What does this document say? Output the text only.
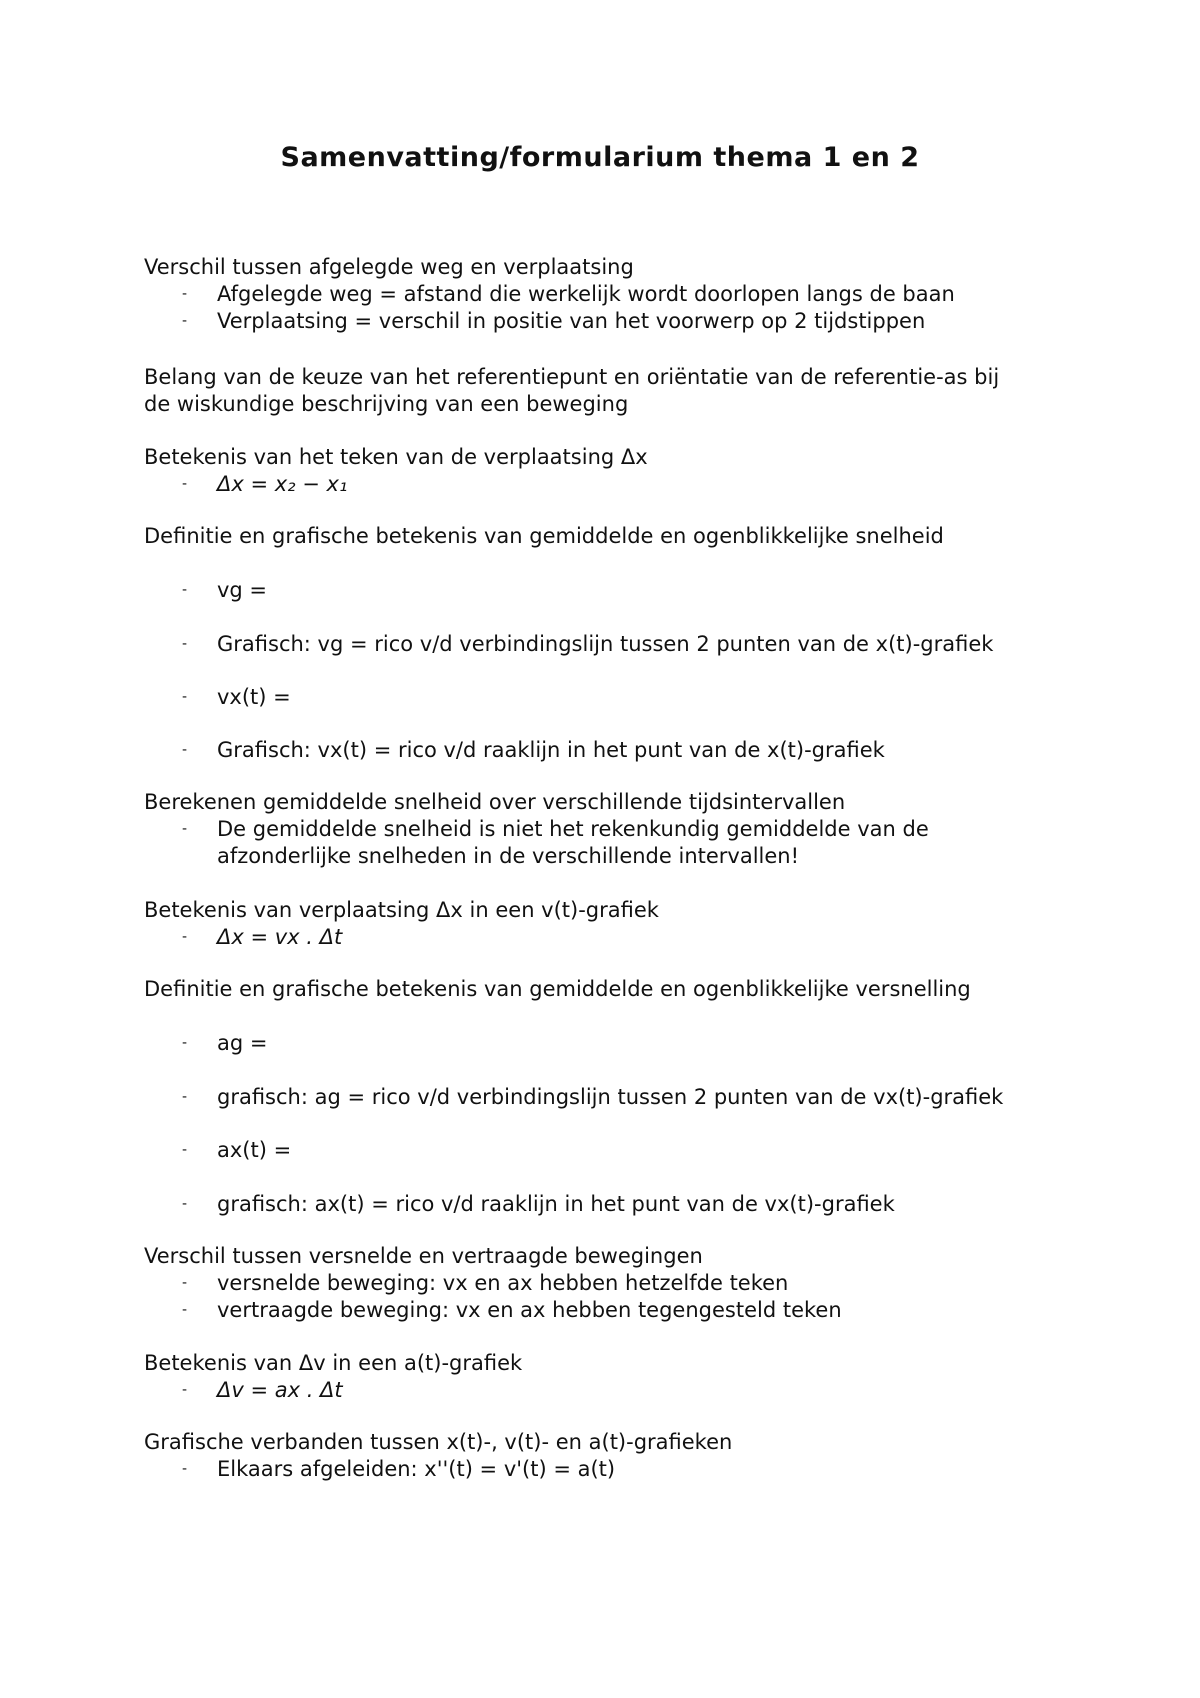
Samenvatting/formularium thema 1 en 2
Verschil tussen afgelegde weg en verplaatsing
- Afgelegde weg = afstand die werkelijk wordt doorlopen langs de baan
- Verplaatsing = verschil in positie van het voorwerp op 2 tijdstippen
Belang van de keuze van het referentiepunt en oriëntatie van de referentie-as bij
de wiskundige beschrijving van een beweging
Betekenis van het teken van de verplaatsing Δx
- Δx = x₂ − x₁
Definitie en grafische betekenis van gemiddelde en ogenblikkelijke snelheid
- vg =
- Grafisch: vg = rico v/d verbindingslijn tussen 2 punten van de x(t)-grafiek
- vx(t) =
- Grafisch: vx(t) = rico v/d raaklijn in het punt van de x(t)-grafiek
Berekenen gemiddelde snelheid over verschillende tijdsintervallen
- De gemiddelde snelheid is niet het rekenkundig gemiddelde van de
afzonderlijke snelheden in de verschillende intervallen!
Betekenis van verplaatsing Δx in een v(t)-grafiek
- Δx = vx . Δt
Definitie en grafische betekenis van gemiddelde en ogenblikkelijke versnelling
- ag =
- grafisch: ag = rico v/d verbindingslijn tussen 2 punten van de vx(t)-grafiek
- ax(t) =
- grafisch: ax(t) = rico v/d raaklijn in het punt van de vx(t)-grafiek
Verschil tussen versnelde en vertraagde bewegingen
- versnelde beweging: vx en ax hebben hetzelfde teken
- vertraagde beweging: vx en ax hebben tegengesteld teken
Betekenis van Δv in een a(t)-grafiek
- Δv = ax . Δt
Grafische verbanden tussen x(t)-, v(t)- en a(t)-grafieken
- Elkaars afgeleiden: x''(t) = v'(t) = a(t)
